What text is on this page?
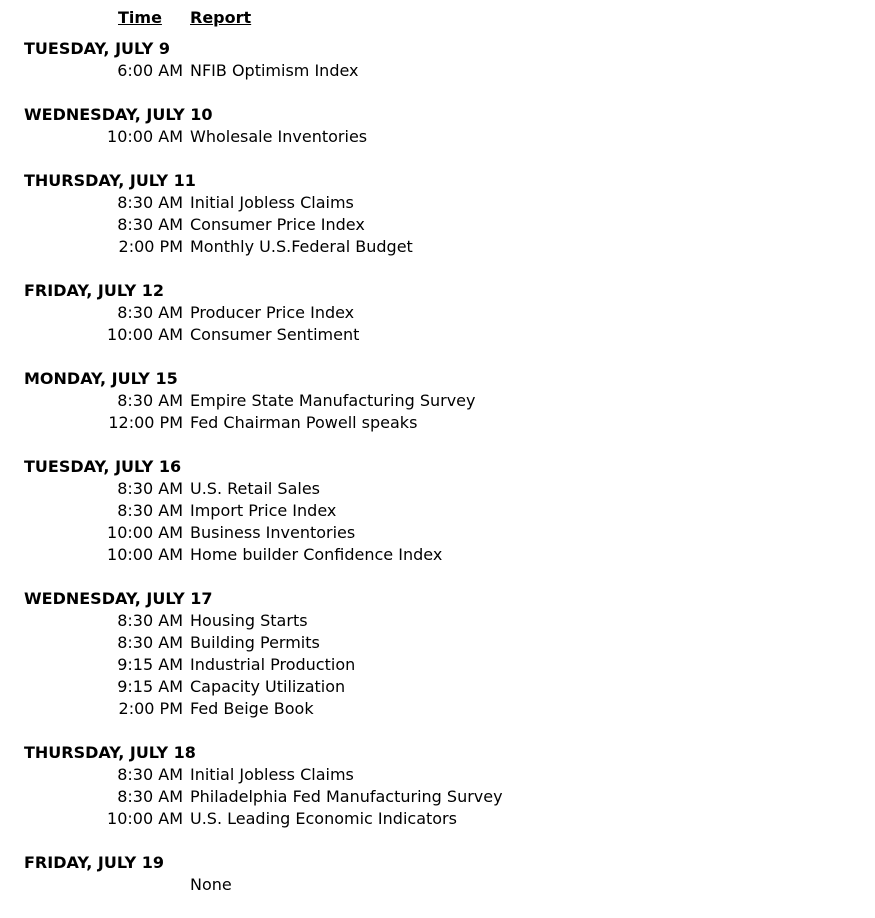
Time	Report
TUESDAY, JULY 9
6:00 AM NFIB Optimism Index
WEDNESDAY, JULY 10
10:00 AM Wholesale Inventories
THURSDAY, JULY 11
8:30 AM Initial Jobless Claims
8:30 AM Consumer Price Index
2:00 PM Monthly U.S.Federal Budget
FRIDAY, JULY 12
8:30 AM Producer Price Index
10:00 AM Consumer Sentiment
MONDAY, JULY 15
8:30 AM Empire State Manufacturing Survey
12:00 PM Fed Chairman Powell speaks
TUESDAY, JULY 16
8:30 AM U.S. Retail Sales
8:30 AM Import Price Index
10:00 AM Business Inventories
10:00 AM Home builder Confidence Index
WEDNESDAY, JULY 17
8:30 AM Housing Starts
8:30 AM Building Permits
9:15 AM Industrial Production
9:15 AM Capacity Utilization
2:00 PM Fed Beige Book
THURSDAY, JULY 18
8:30 AM Initial Jobless Claims
8:30 AM Philadelphia Fed Manufacturing Survey
10:00 AM U.S. Leading Economic Indicators
FRIDAY, JULY 19
None
